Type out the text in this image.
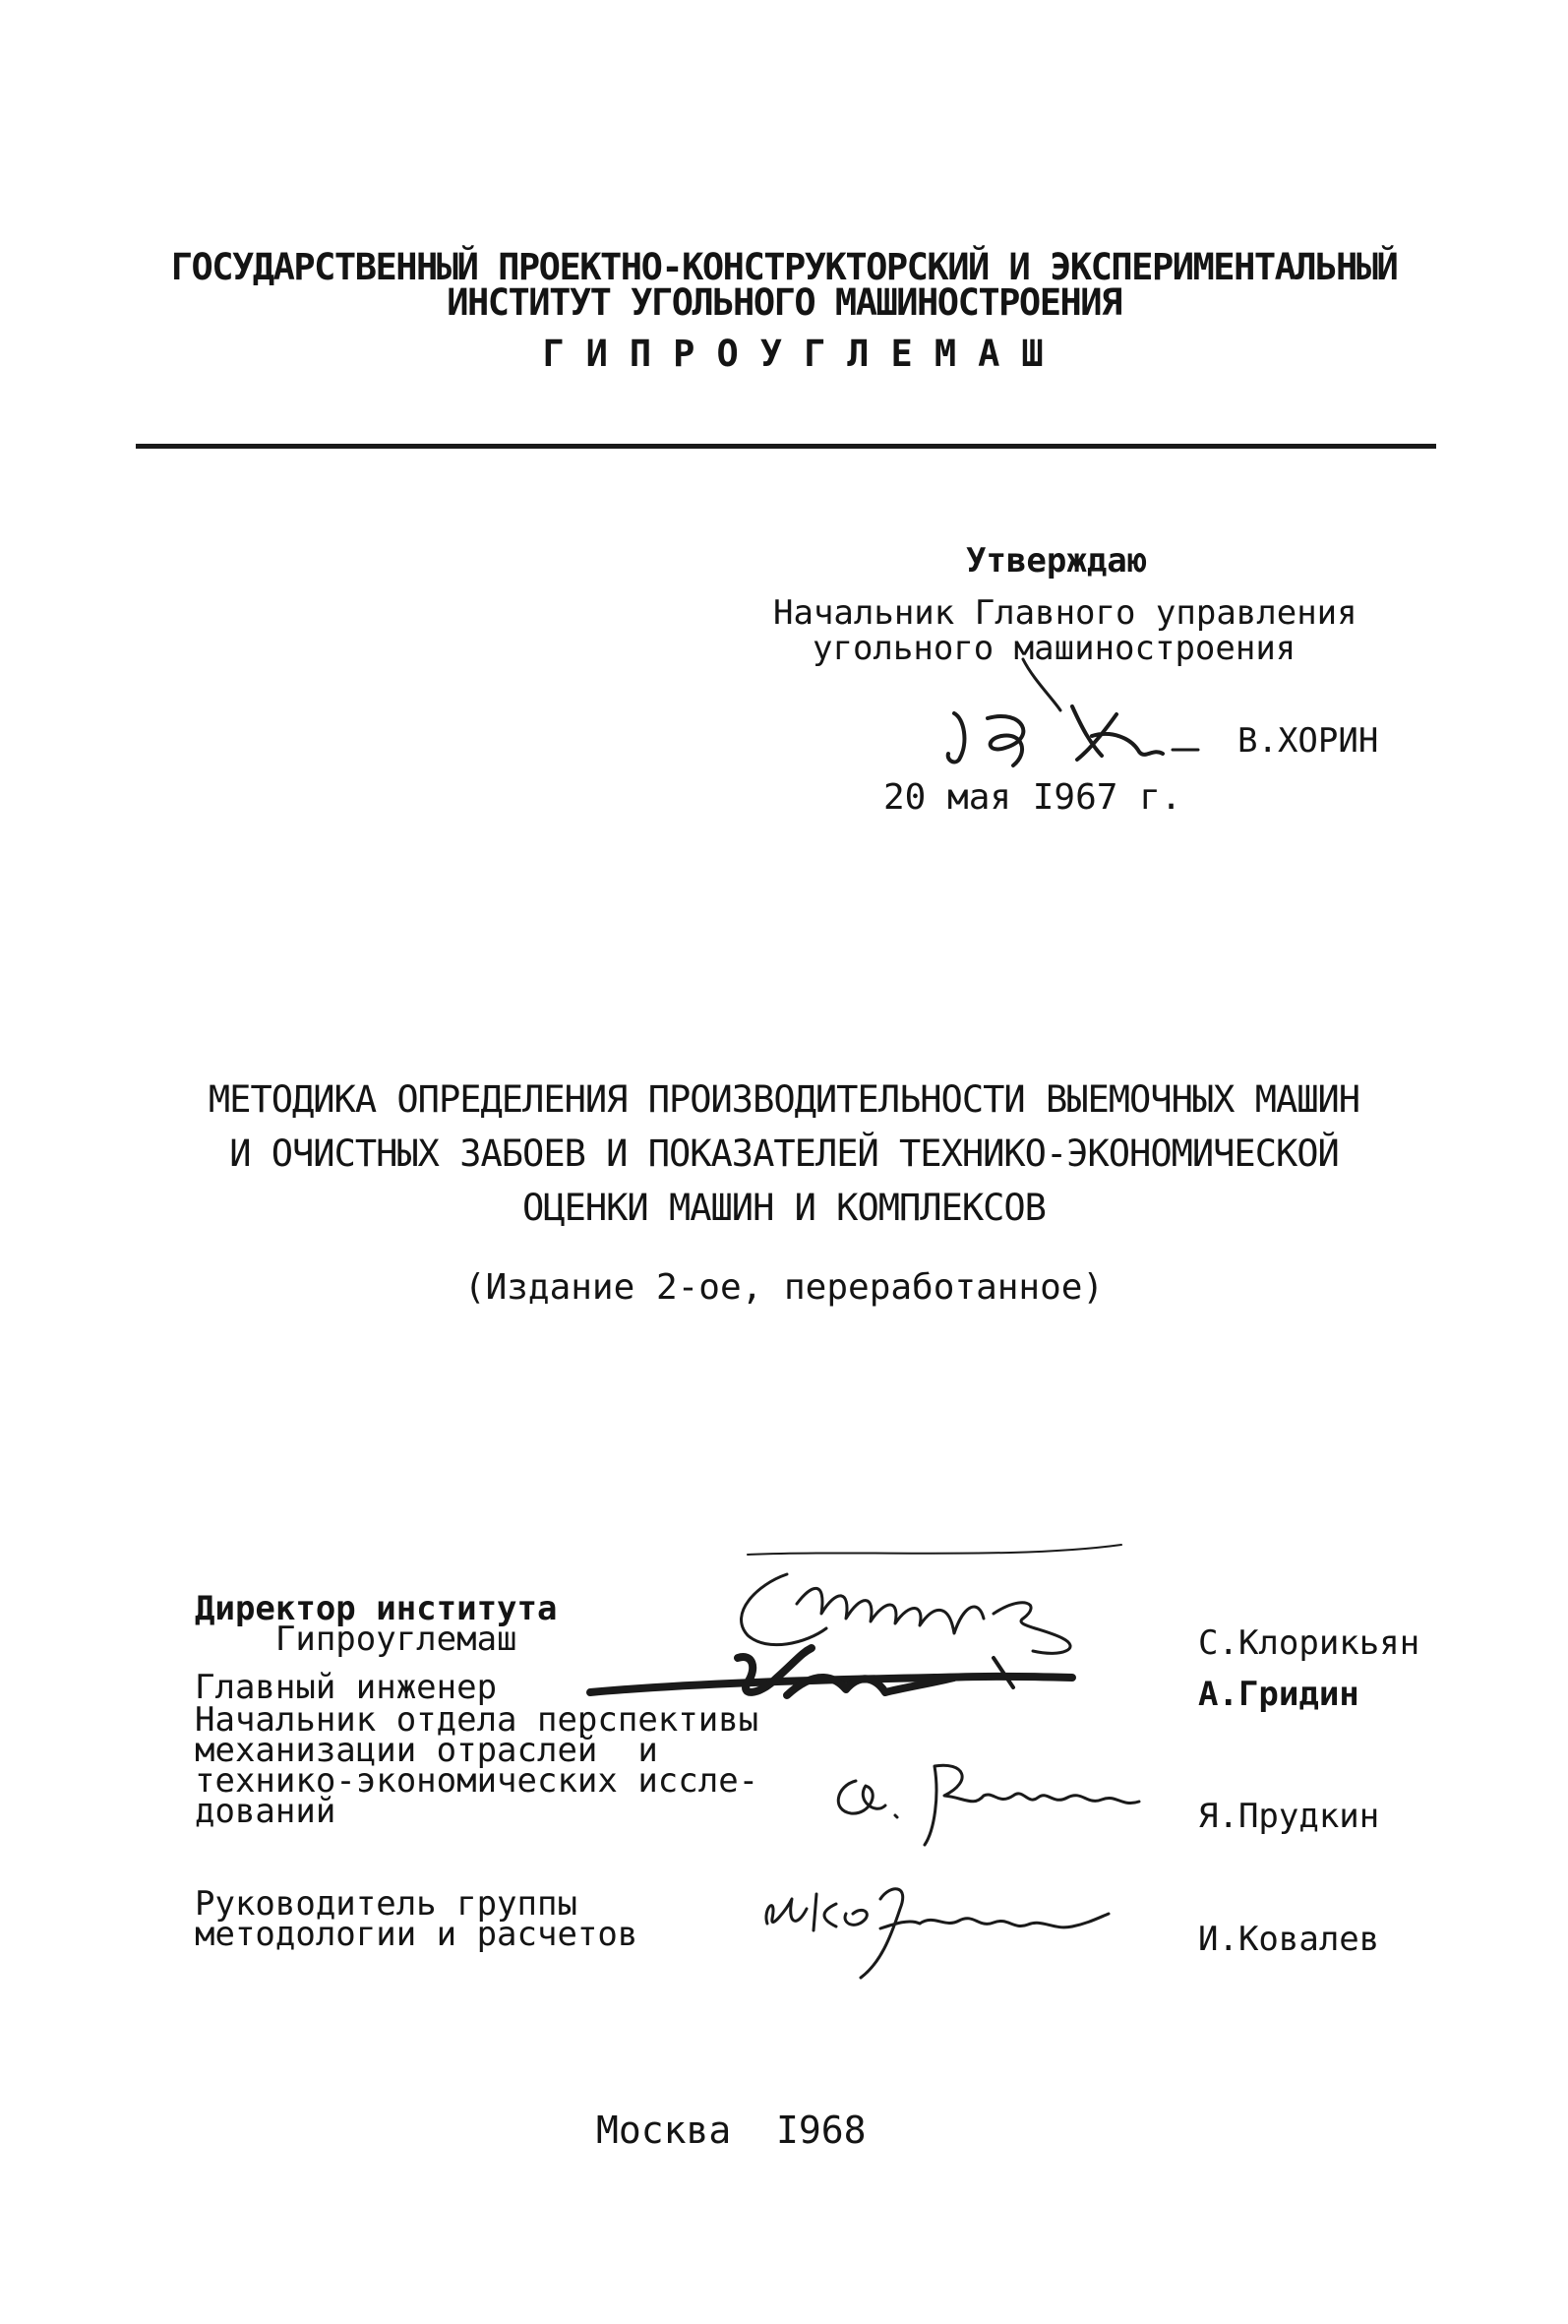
ГОСУДАРСТВЕННЫЙ ПРОЕКТНО-КОНСТРУКТОРСКИЙ И ЭКСПЕРИМЕНТАЛЬНЫЙ
ИНСТИТУТ УГОЛЬНОГО МАШИНОСТРОЕНИЯ
ГИПРОУГЛЕМАШ
Утверждаю
Начальник Главного управления
угольного машиностроения
В.ХОРИН
20 мая I967 г.
МЕТОДИКА ОПРЕДЕЛЕНИЯ ПРОИЗВОДИТЕЛЬНОСТИ ВЫЕМОЧНЫХ МАШИН
И ОЧИСТНЫХ ЗАБОЕВ И ПОКАЗАТЕЛЕЙ ТЕХНИКО-ЭКОНОМИЧЕСКОЙ
ОЦЕНКИ МАШИН И КОМПЛЕКСОВ
(Издание 2-ое, переработанное)
Директор института
Гипроуглемаш	С.Клорикьян
Главный инженер	А.Гридин
Начальник отдела перспективы
механизации отраслей  и
технико-экономических иссле-
дований	Я.Прудкин
Руководитель группы
методологии и расчетов	И.Ковалев
Москва  I968
